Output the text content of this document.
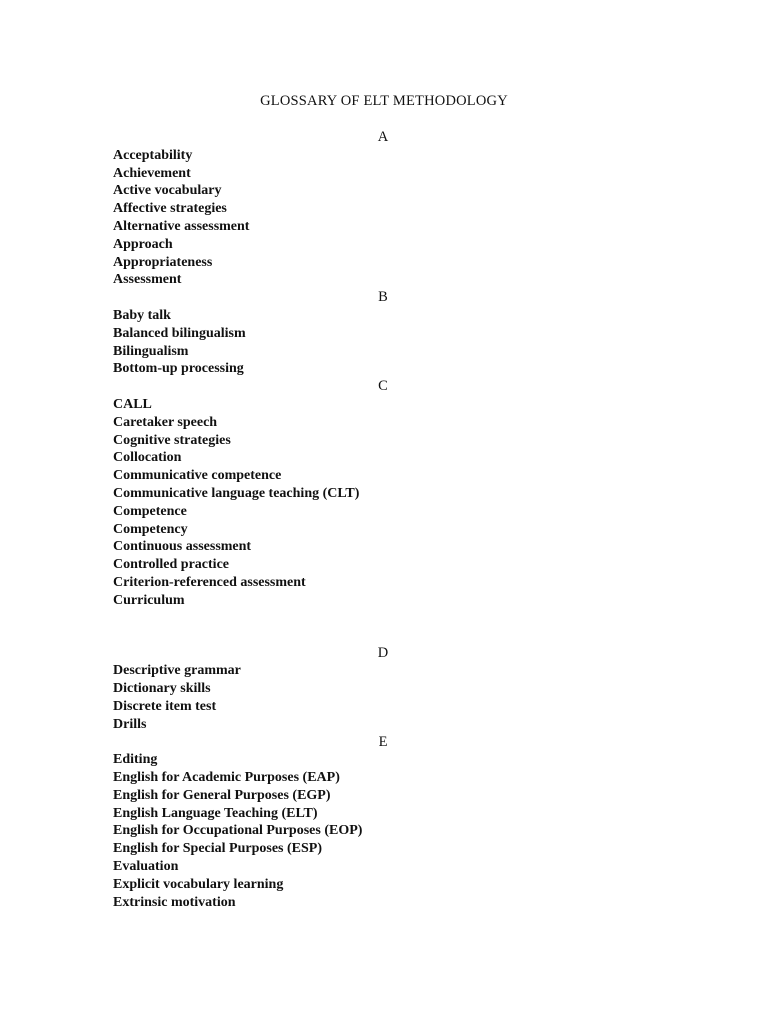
GLOSSARY OF ELT METHODOLOGY
A
Acceptability
Achievement
Active vocabulary
Affective strategies
Alternative assessment
Approach
Appropriateness
Assessment
B
Baby talk
Balanced bilingualism
Bilingualism
Bottom-up processing
C
CALL
Caretaker speech
Cognitive strategies
Collocation
Communicative competence
Communicative language teaching (CLT)
Competence
Competency
Continuous assessment
Controlled practice
Criterion-referenced assessment
Curriculum
D
Descriptive grammar
Dictionary skills
Discrete item test
Drills
E
Editing
English for Academic Purposes (EAP)
English for General Purposes (EGP)
English Language Teaching (ELT)
English for Occupational Purposes (EOP)
English for Special Purposes (ESP)
Evaluation
Explicit vocabulary learning
Extrinsic motivation
